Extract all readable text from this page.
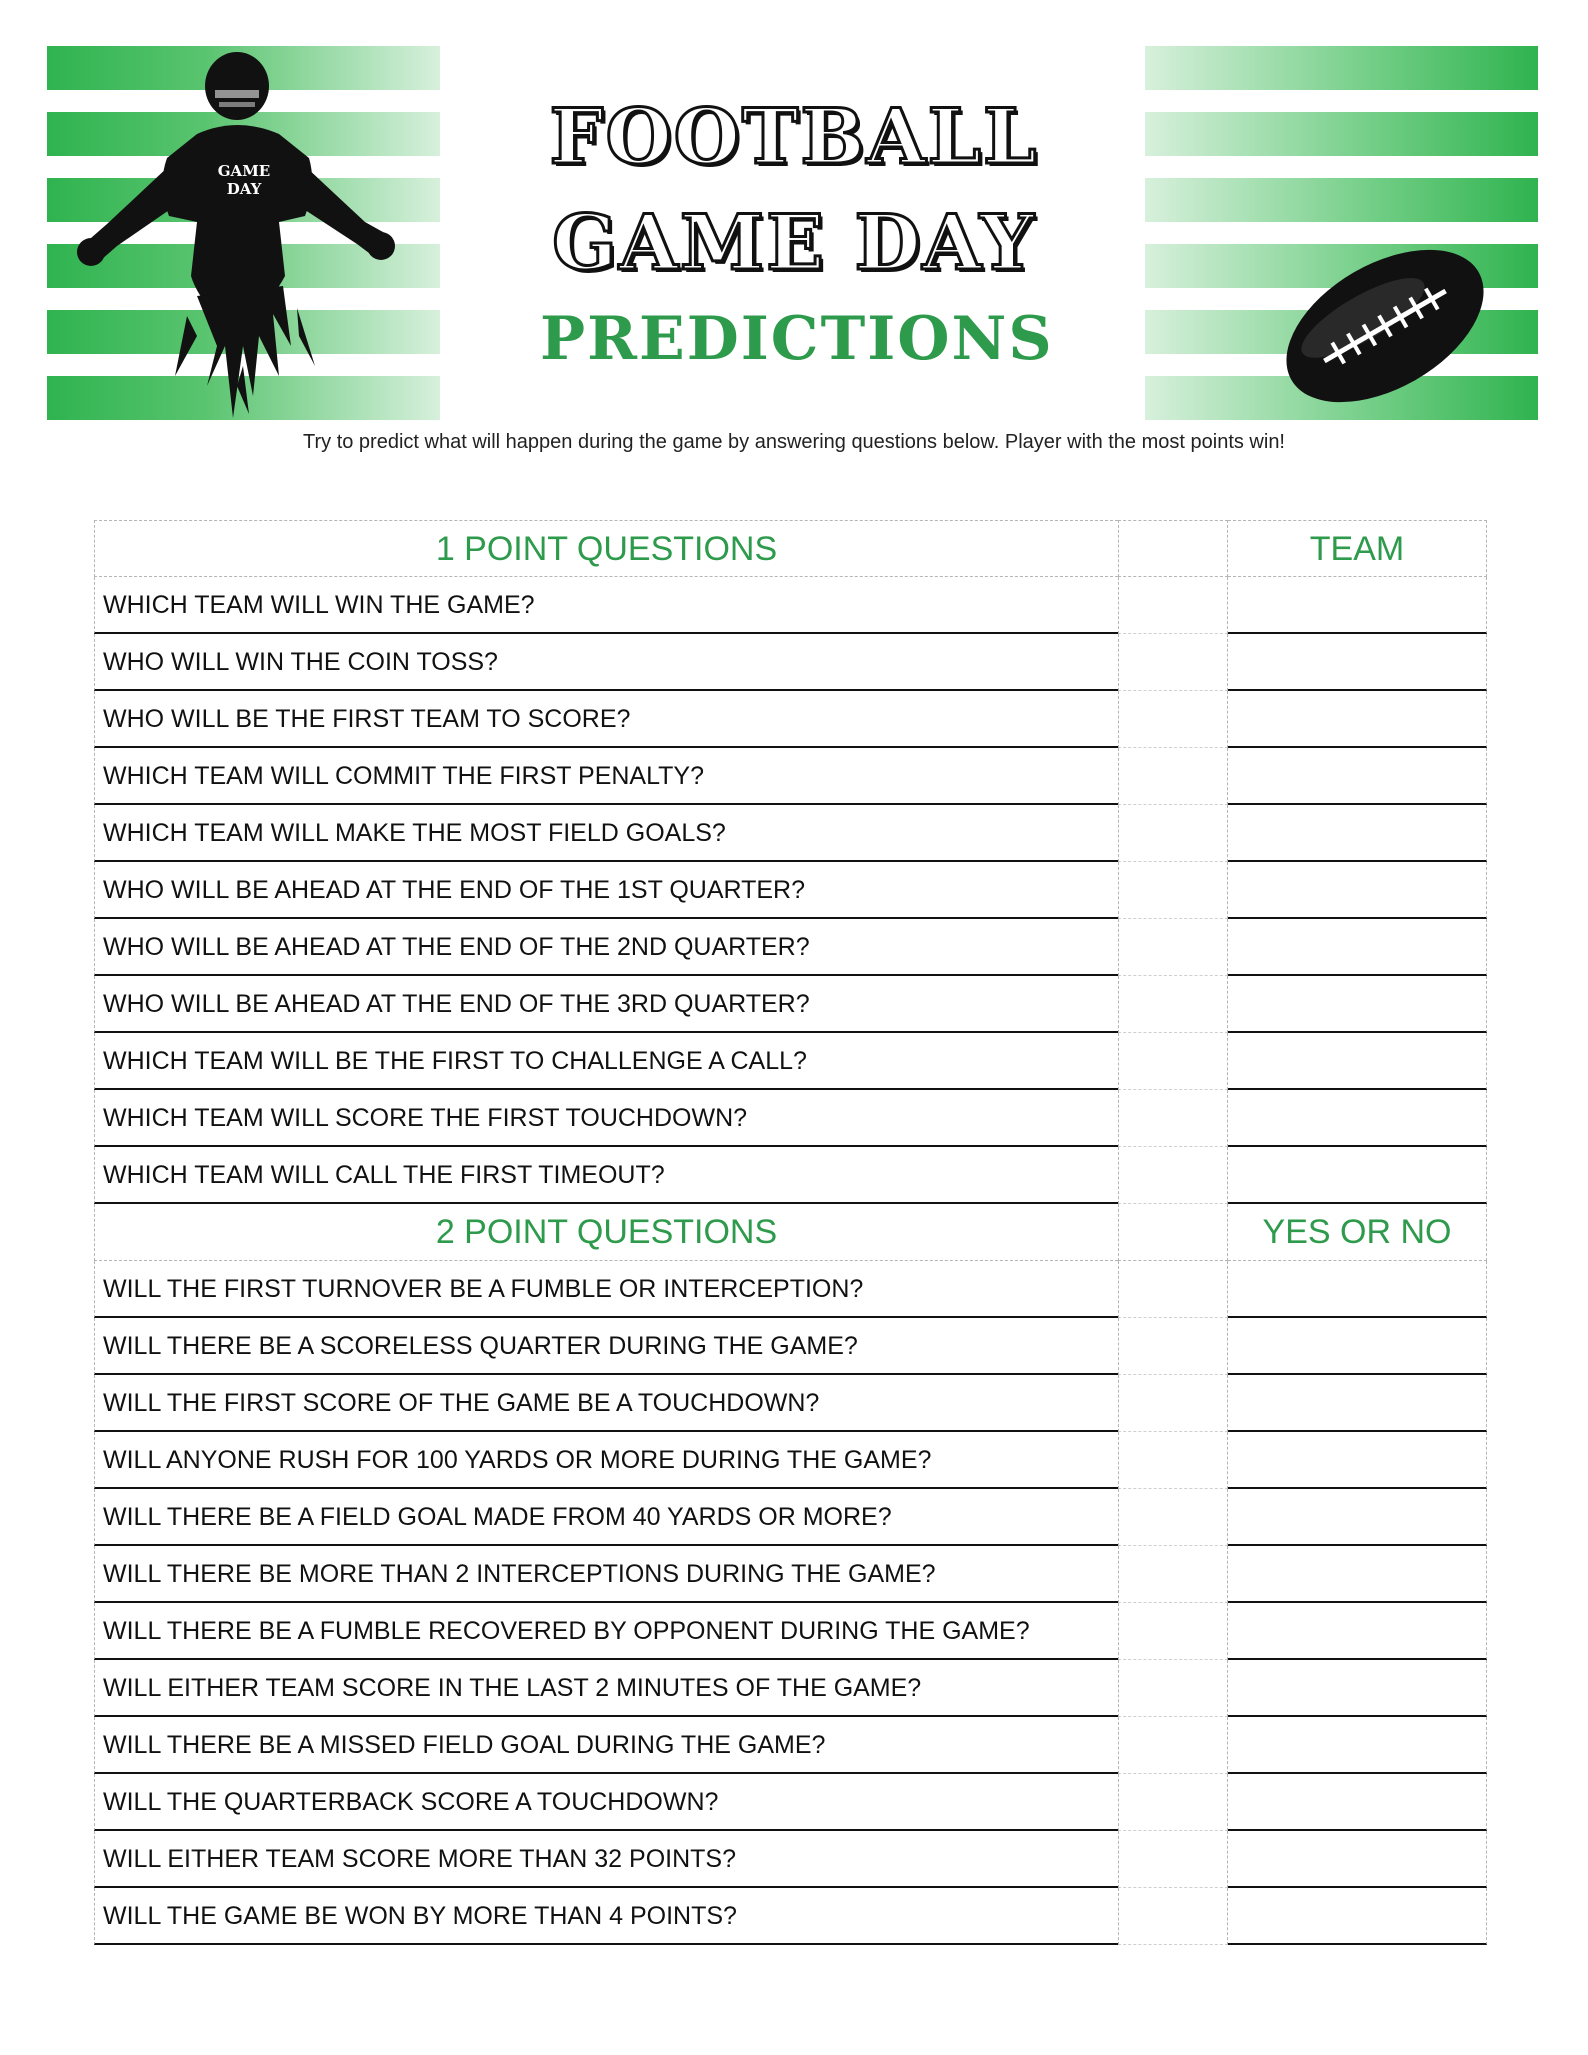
GAME DAY
FOOTBALL
GAME DAY
PREDICTIONS
Try to predict what will happen during the game by answering questions below. Player with the most points win!
1 POINT QUESTIONS	TEAM
WHICH TEAM WILL WIN THE GAME?
WHO WILL WIN THE COIN TOSS?
WHO WILL BE THE FIRST TEAM TO SCORE?
WHICH TEAM WILL COMMIT THE FIRST PENALTY?
WHICH TEAM WILL MAKE THE MOST FIELD GOALS?
WHO WILL BE AHEAD AT THE END OF THE 1ST QUARTER?
WHO WILL BE AHEAD AT THE END OF THE 2ND QUARTER?
WHO WILL BE AHEAD AT THE END OF THE 3RD QUARTER?
WHICH TEAM WILL BE THE FIRST TO CHALLENGE A CALL?
WHICH TEAM WILL SCORE THE FIRST TOUCHDOWN?
WHICH TEAM WILL CALL THE FIRST TIMEOUT?
2 POINT QUESTIONS	YES OR NO
WILL THE FIRST TURNOVER BE A FUMBLE OR INTERCEPTION?
WILL THERE BE A SCORELESS QUARTER DURING THE GAME?
WILL THE FIRST SCORE OF THE GAME BE A TOUCHDOWN?
WILL ANYONE RUSH FOR 100 YARDS OR MORE DURING THE GAME?
WILL THERE BE A FIELD GOAL MADE FROM 40 YARDS OR MORE?
WILL THERE BE MORE THAN 2 INTERCEPTIONS DURING THE GAME?
WILL THERE BE A FUMBLE RECOVERED BY OPPONENT DURING THE GAME?
WILL EITHER TEAM SCORE IN THE LAST 2 MINUTES OF THE GAME?
WILL THERE BE A MISSED FIELD GOAL DURING THE GAME?
WILL THE QUARTERBACK SCORE A TOUCHDOWN?
WILL EITHER TEAM SCORE MORE THAN 32 POINTS?
WILL THE GAME BE WON BY MORE THAN 4 POINTS?
